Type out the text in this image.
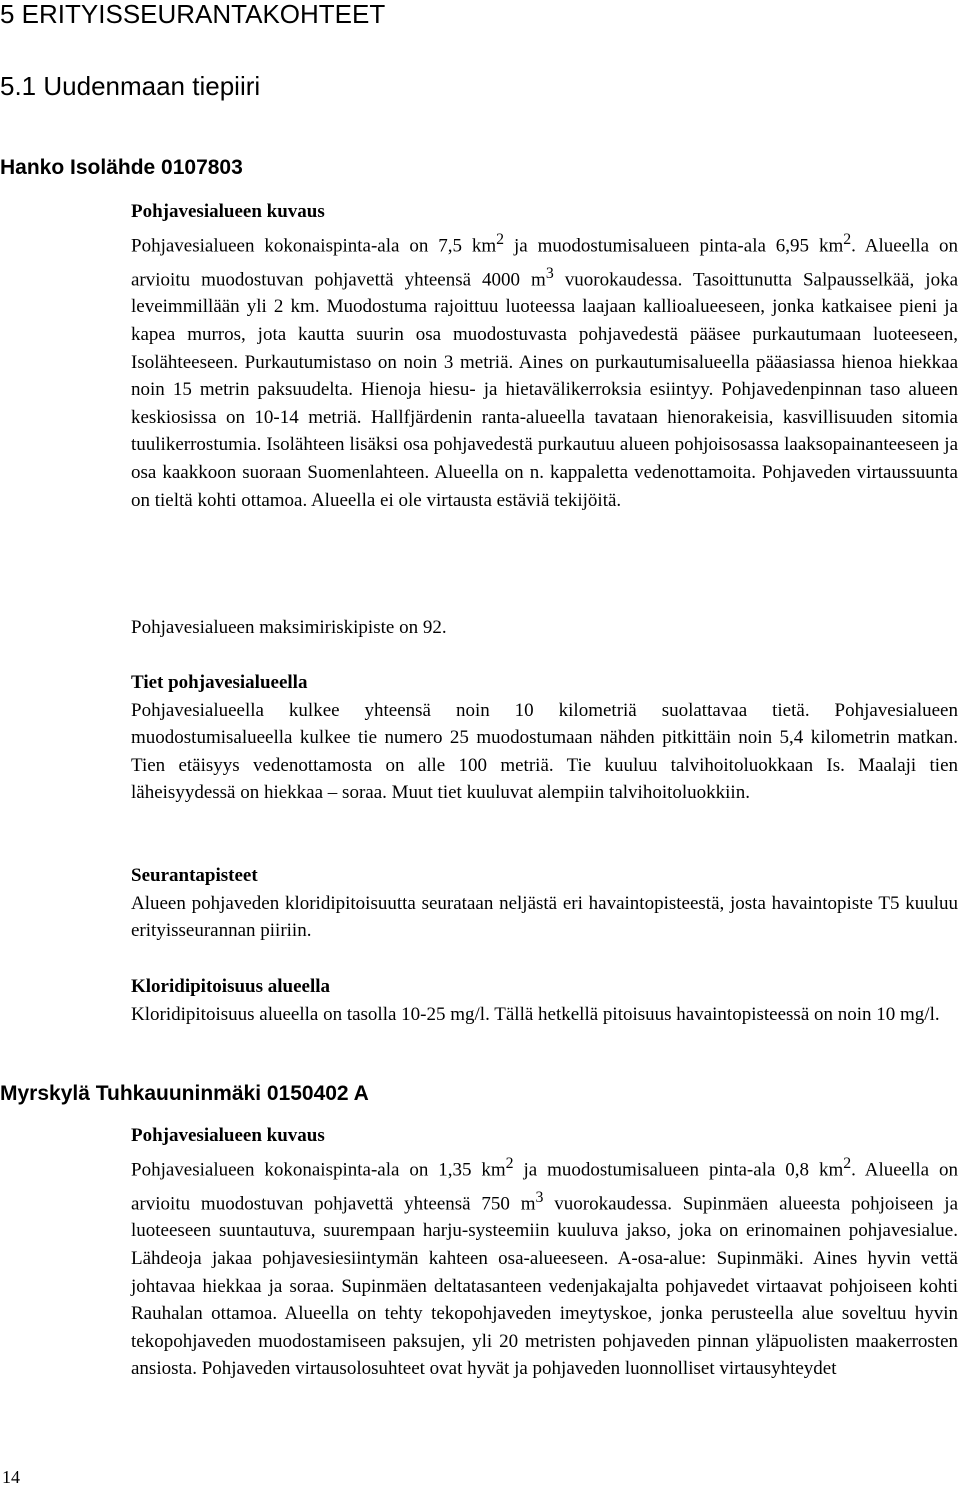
5 ERITYISSEURANTAKOHTEET
5.1 Uudenmaan tiepiiri
Hanko Isolähde 0107803
Pohjavesialueen kuvaus

Pohjavesialueen kokonaispinta-ala on 7,5 $km^2$ ja muodostumisalueen pinta-ala 6,95 $km^2$. Alueella on arvioitu muodostuvan pohjavettä yhteensä 4000 $m^3$ vuorokaudessa. Tasoittunutta Salpausselkää, joka leveimmillään yli 2 km. Muodostuma rajoittuu luoteessa laajaan kallioalueeseen, jonka katkaisee pieni ja kapea murros, jota kautta suurin osa muodostuvasta pohjavedestä pääsee purkautumaan luoteeseen, Isolähteeseen. Purkautumistaso on noin 3 metriä. Aines on purkautumisalueella pääasiassa hienoa hiekkaa noin 15 metrin paksuudelta. Hienoja hiesu- ja hietavälikerroksia esiintyy. Pohjavedenpinnan taso alueen keskiosissa on 10-14 metriä. Hallfjärdenin ranta-alueella tavataan hienorakeisia, kasvillisuuden sitomia tuulikerrostumia. Isolähteen lisäksi osa pohjavedestä purkautuu alueen pohjoisosassa laaksopainanteeseen ja osa kaakkoon suoraan Suomenlahteen. Alueella on n. kappaletta vedenottamoita. Pohjaveden virtaussuunta on tieltä kohti ottamoa. Alueella ei ole virtausta estäviä tekijöitä.

Pohjavesialueen maksimiriskipiste on 92.

Tiet pohjavesialueella

Pohjavesialueella kulkee yhteensä noin 10 kilometriä suolattavaa tietä. Pohjavesialueen muodostumisalueella kulkee tie numero 25 muodostumaan nähden pitkittäin noin 5,4 kilometrin matkan. Tien etäisyys vedenottamosta on alle 100 metriä. Tie kuuluu talvihoitoluokkaan Is. Maalaji tien läheisyydessä on hiekkaa – soraa. Muut tiet kuuluvat alempiin talvihoitoluokkiin.

Seurantapisteet

Alueen pohjaveden kloridipitoisuutta seurataan neljästä eri havaintopisteestä, josta havaintopiste T5 kuuluu erityisseurannan piiriin.

Kloridipitoisuus alueella

Kloridipitoisuus alueella on tasolla 10-25 mg/l. Tällä hetkellä pitoisuus havaintopisteessä on noin 10 mg/l.

Myrskylä Tuhkauuninmäki 0150402 A
Pohjavesialueen kuvaus

Pohjavesialueen kokonaispinta-ala on 1,35 $km^2$ ja muodostumisalueen pinta-ala 0,8 $km^2$. Alueella on arvioitu muodostuvan pohjavettä yhteensä 750 $m^3$ vuorokaudessa. Supinmäen alueesta pohjoiseen ja luoteeseen suuntautuva, suurempaan harju-systeemiin kuuluva jakso, joka on erinomainen pohjavesialue. Lähdeoja jakaa pohjavesiesiintymän kahteen osa-alueeseen. A-osa-alue: Supinmäki. Aines hyvin vettä johtavaa hiekkaa ja soraa. Supinmäen deltatasanteen vedenjakajalta pohjavedet virtaavat pohjoiseen kohti Rauhalan ottamoa. Alueella on tehty tekopohjaveden imeytyskoe, jonka perusteella alue soveltuu hyvin tekopohjaveden muodostamiseen paksujen, yli 20 metristen pohjaveden pinnan yläpuolisten maakerrosten ansiosta. Pohjaveden virtausolosuhteet ovat hyvät ja pohjaveden luonnolliset virtausyhteydet

14
